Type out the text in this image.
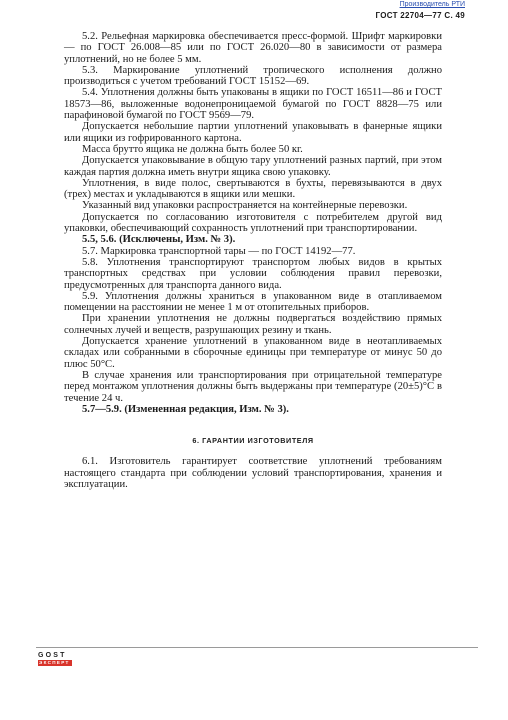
Производитель РТИ
ГОСТ 22704—77 С. 49

5.2. Рельефная маркировка обеспечивается пресс-формой. Шрифт маркировки — по ГОСТ 26.008—85 или по ГОСТ 26.020—80 в зависимости от размера уплотнений, но не более 5 мм.

5.3. Маркирование уплотнений тропического исполнения должно производиться с учетом требований ГОСТ 15152—69.

5.4. Уплотнения должны быть упакованы в ящики по ГОСТ 16511—86 и ГОСТ 18573—86, выложенные водонепроницаемой бумагой по ГОСТ 8828—75 или парафиновой бумагой по ГОСТ 9569—79.

Допускается небольшие партии уплотнений упаковывать в фанерные ящики или ящики из гофрированного картона.

Масса брутто ящика не должна быть более 50 кг.

Допускается упаковывание в общую тару уплотнений разных партий, при этом каждая партия должна иметь внутри ящика свою упаковку.

Уплотнения, в виде полос, свертываются в бухты, перевязываются в двух (трех) местах и укладываются в ящики или мешки.

Указанный вид упаковки распространяется на контейнерные перевозки.

Допускается по согласованию изготовителя с потребителем другой вид упаковки, обеспечивающий сохранность уплотнений при транспортировании.

5.5, 5.6. (Исключены, Изм. № 3).

5.7. Маркировка транспортной тары — по ГОСТ 14192—77.

5.8. Уплотнения транспортируют транспортом любых видов в крытых транспортных средствах при условии соблюдения правил перевозки, предусмотренных для транспорта данного вида.

5.9. Уплотнения должны храниться в упакованном виде в отапливаемом помещении на расстоянии не менее 1 м от отопительных приборов.

При хранении уплотнения не должны подвергаться воздействию прямых солнечных лучей и веществ, разрушающих резину и ткань.

Допускается хранение уплотнений в упакованном виде в неотапливаемых складах или собранными в сборочные единицы при температуре от минус 50 до плюс 50°С.

В случае хранения или транспортирования при отрицательной температуре перед монтажом уплотнения должны быть выдержаны при температуре (20±5)°С в течение 24 ч.

5.7—5.9. (Измененная редакция, Изм. № 3).

6. ГАРАНТИИ ИЗГОТОВИТЕЛЯ

6.1. Изготовитель гарантирует соответствие уплотнений требованиям настоящего стандарта при соблюдении условий транспортирования, хранения и эксплуатации.

GOST
ЭКСПЕРТ
